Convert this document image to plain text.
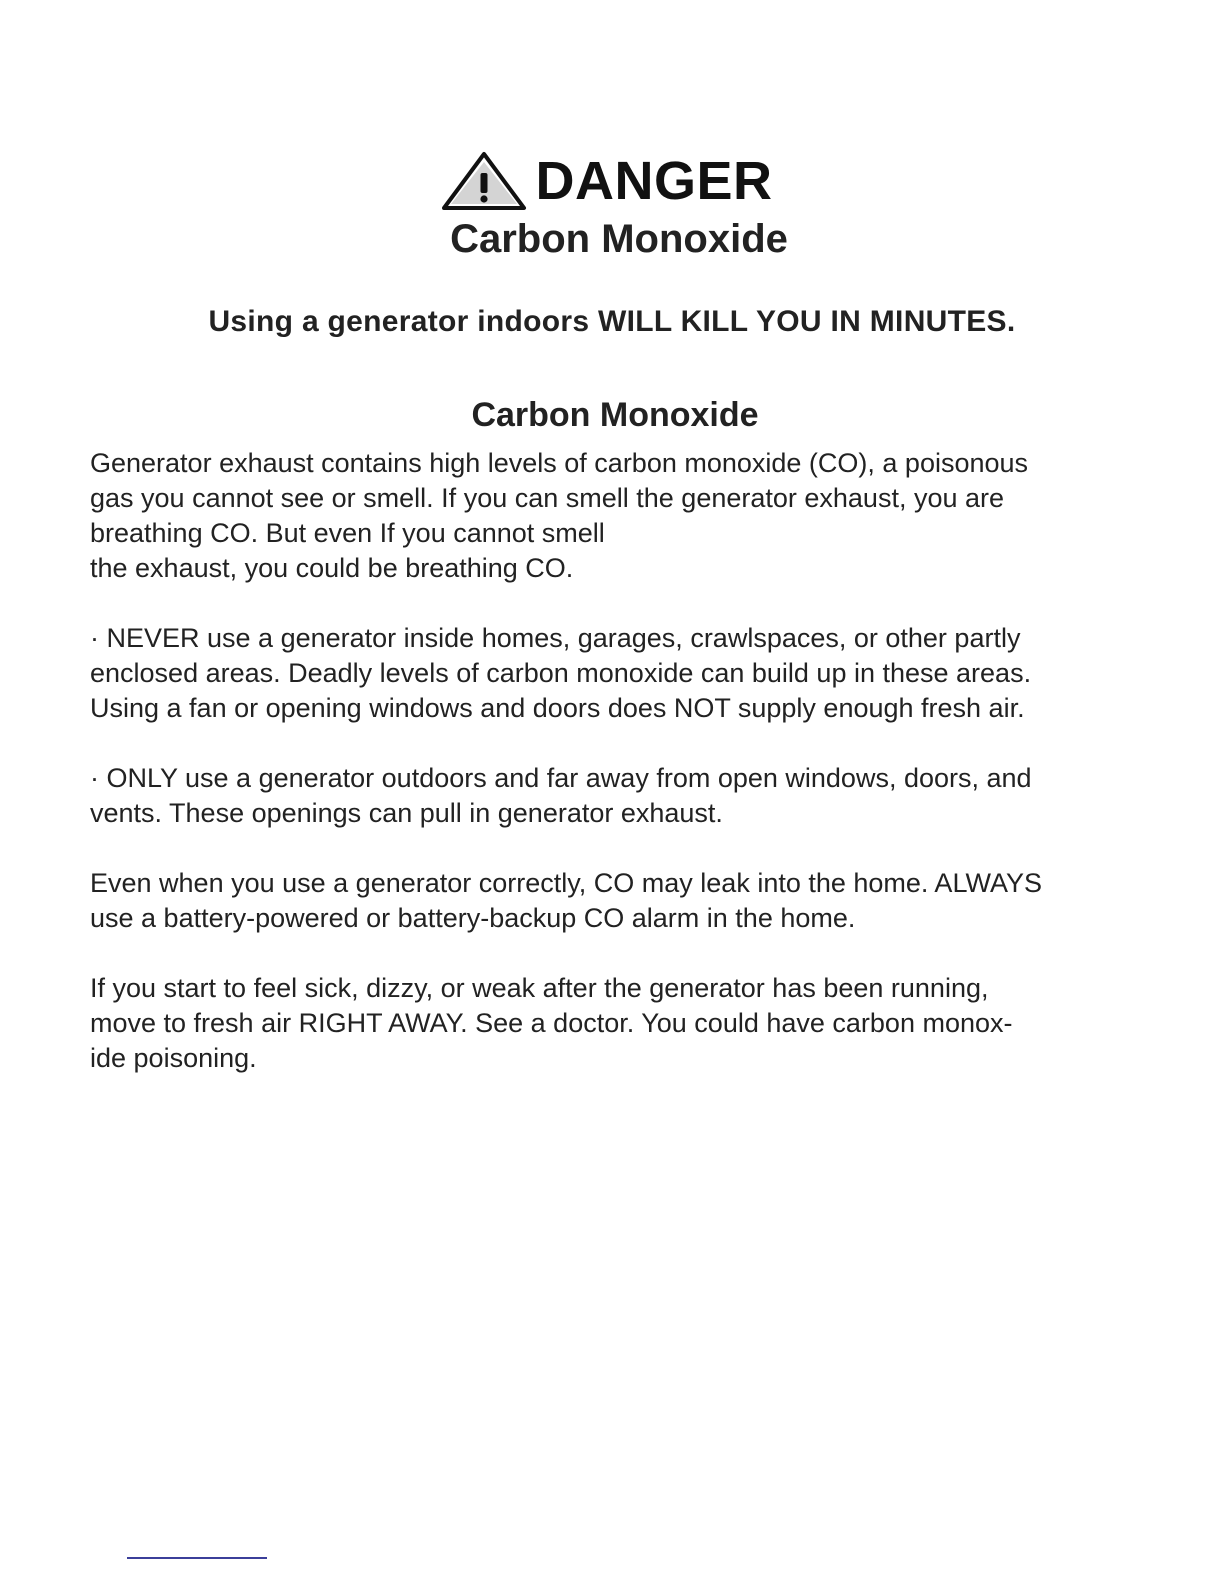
DANGER
Carbon Monoxide
Using a generator indoors WILL KILL YOU IN MINUTES.
Carbon Monoxide

Generator exhaust contains high levels of carbon monoxide (CO), a poisonous

gas you cannot see or smell. If you can smell the generator exhaust, you are

breathing CO. But even If you cannot smell

the exhaust, you could be breathing CO.

· NEVER use a generator inside homes, garages, crawlspaces, or other partly

enclosed areas. Deadly levels of carbon monoxide can build up in these areas.

Using a fan or opening windows and doors does NOT supply enough fresh air.

· ONLY use a generator outdoors and far away from open windows, doors, and

vents. These openings can pull in generator exhaust.

Even when you use a generator correctly, CO may leak into the home. ALWAYS

use a battery-powered or battery-backup CO alarm in the home.

If you start to feel sick, dizzy, or weak after the generator has been running,

move to fresh air RIGHT AWAY. See a doctor. You could have carbon monox-

ide poisoning.
